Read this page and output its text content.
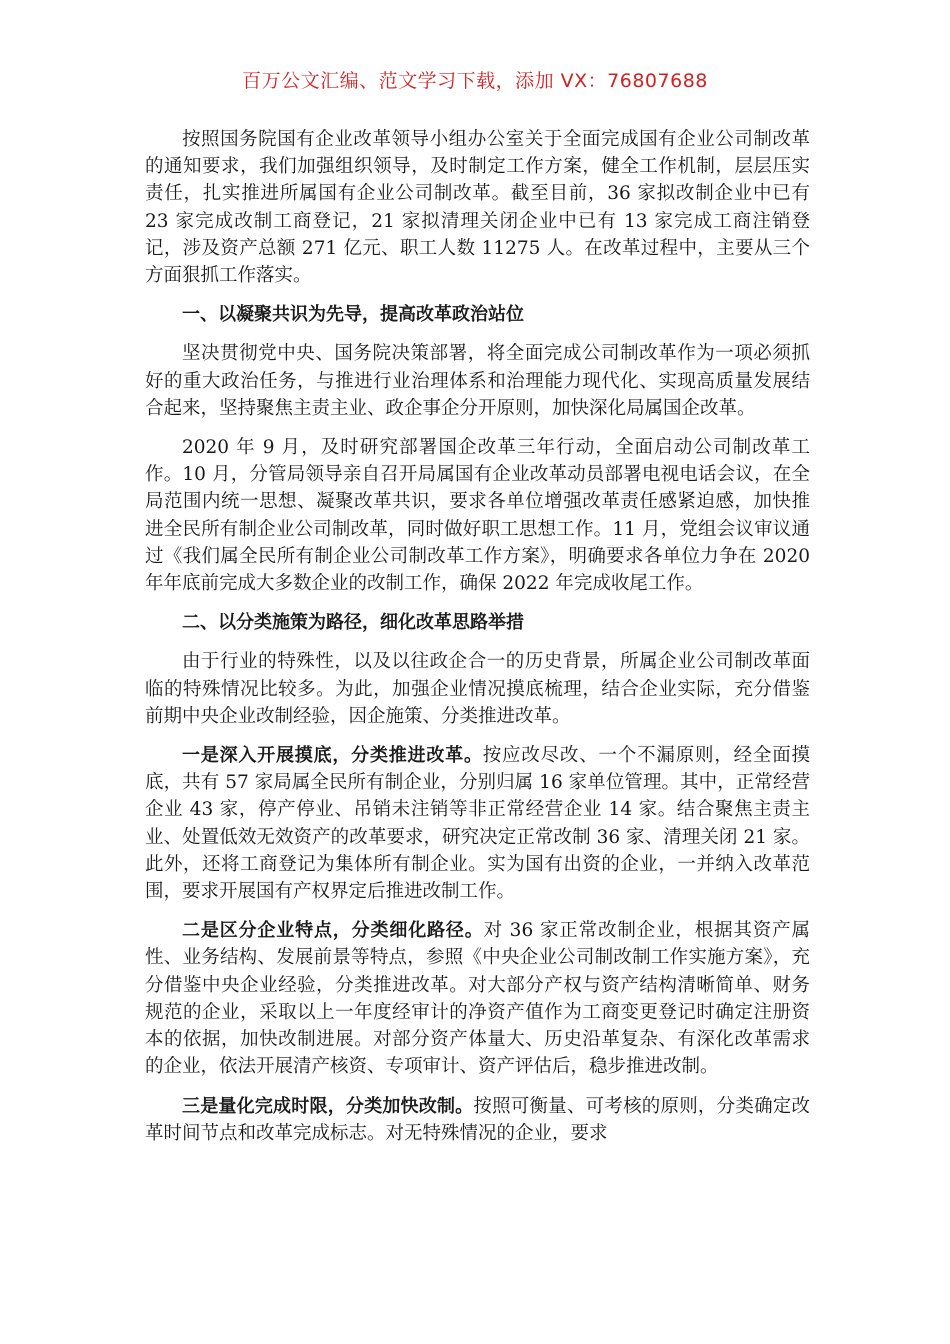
百万公文汇编、范文学习下载，添加 VX：76807688

按照国务院国有企业改革领导小组办公室关于全面完成国有企业公司制改革的通知要求，我们加强组织领导，及时制定工作方案，健全工作机制，层层压实责任，扎实推进所属国有企业公司制改革。截至目前，36 家拟改制企业中已有 23 家完成改制工商登记，21 家拟清理关闭企业中已有 13 家完成工商注销登记，涉及资产总额 271 亿元、职工人数 11275 人。在改革过程中，主要从三个方面狠抓工作落实。

一、以凝聚共识为先导，提高改革政治站位

坚决贯彻党中央、国务院决策部署，将全面完成公司制改革作为一项必须抓好的重大政治任务，与推进行业治理体系和治理能力现代化、实现高质量发展结合起来，坚持聚焦主责主业、政企事企分开原则，加快深化局属国企改革。

2020 年 9 月，及时研究部署国企改革三年行动，全面启动公司制改革工作。10 月，分管局领导亲自召开局属国有企业改革动员部署电视电话会议，在全局范围内统一思想、凝聚改革共识，要求各单位增强改革责任感紧迫感，加快推进全民所有制企业公司制改革，同时做好职工思想工作。11 月，党组会议审议通过《我们属全民所有制企业公司制改革工作方案》，明确要求各单位力争在 2020 年年底前完成大多数企业的改制工作，确保 2022 年完成收尾工作。

二、以分类施策为路径，细化改革思路举措

由于行业的特殊性，以及以往政企合一的历史背景，所属企业公司制改革面临的特殊情况比较多。为此，加强企业情况摸底梳理，结合企业实际，充分借鉴前期中央企业改制经验，因企施策、分类推进改革。

一是深入开展摸底，分类推进改革。按应改尽改、一个不漏原则，经全面摸底，共有 57 家局属全民所有制企业，分别归属 16 家单位管理。其中，正常经营企业 43 家，停产停业、吊销未注销等非正常经营企业 14 家。结合聚焦主责主业、处置低效无效资产的改革要求，研究决定正常改制 36 家、清理关闭 21 家。此外，还将工商登记为集体所有制企业。实为国有出资的企业，一并纳入改革范围，要求开展国有产权界定后推进改制工作。

二是区分企业特点，分类细化路径。对 36 家正常改制企业，根据其资产属性、业务结构、发展前景等特点，参照《中央企业公司制改制工作实施方案》，充分借鉴中央企业经验，分类推进改革。对大部分产权与资产结构清晰简单、财务规范的企业，采取以上一年度经审计的净资产值作为工商变更登记时确定注册资本的依据，加快改制进展。对部分资产体量大、历史沿革复杂、有深化改革需求的企业，依法开展清产核资、专项审计、资产评估后，稳步推进改制。

三是量化完成时限，分类加快改制。按照可衡量、可考核的原则，分类确定改革时间节点和改革完成标志。对无特殊情况的企业，要求
